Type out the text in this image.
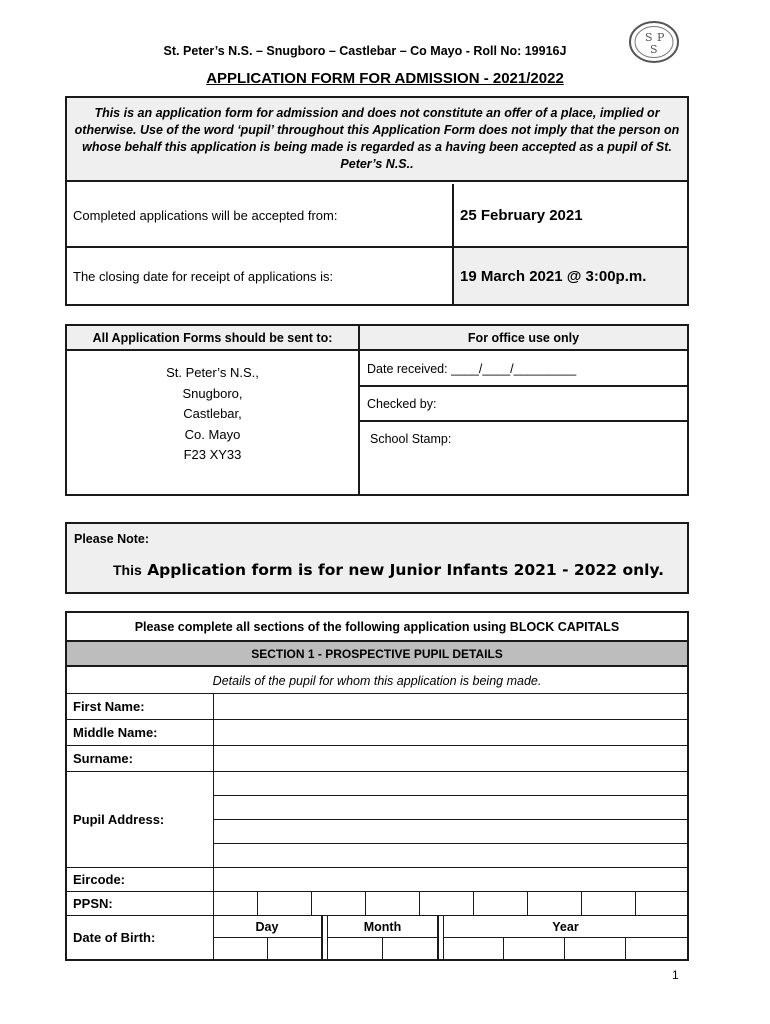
St. Peter’s N.S. – Snugboro – Castlebar – Co Mayo - Roll No: 19916J
S P
S
APPLICATION FORM FOR ADMISSION - 2021/2022
This is an application form for admission and does not constitute an offer of a place, implied or otherwise. Use of the word ‘pupil’ throughout this Application Form does not imply that the person on whose behalf this application is being made is regarded as a having been accepted as a pupil of St. Peter’s N.S..
Completed applications will be accepted from:	25 February 2021
The closing date for receipt of applications is:	19 March 2021 @ 3:00p.m.
All Application Forms should be sent to:	For office use only
St. Peter’s N.S.,
Snugboro,
Castlebar,
Co. Mayo
F23 XY33
Date received: ____/____/_________
Checked by:
School Stamp:
Please Note:
This Application form is for new Junior Infants 2021 - 2022 only.
Please complete all sections of the following application using BLOCK CAPITALS
SECTION 1 - PROSPECTIVE PUPIL DETAILS
Details of the pupil for whom this application is being made.
First Name:
Middle Name:
Surname:
Pupil Address:
Eircode:
PPSN:
Date of Birth:
Day	Month	Year
1
